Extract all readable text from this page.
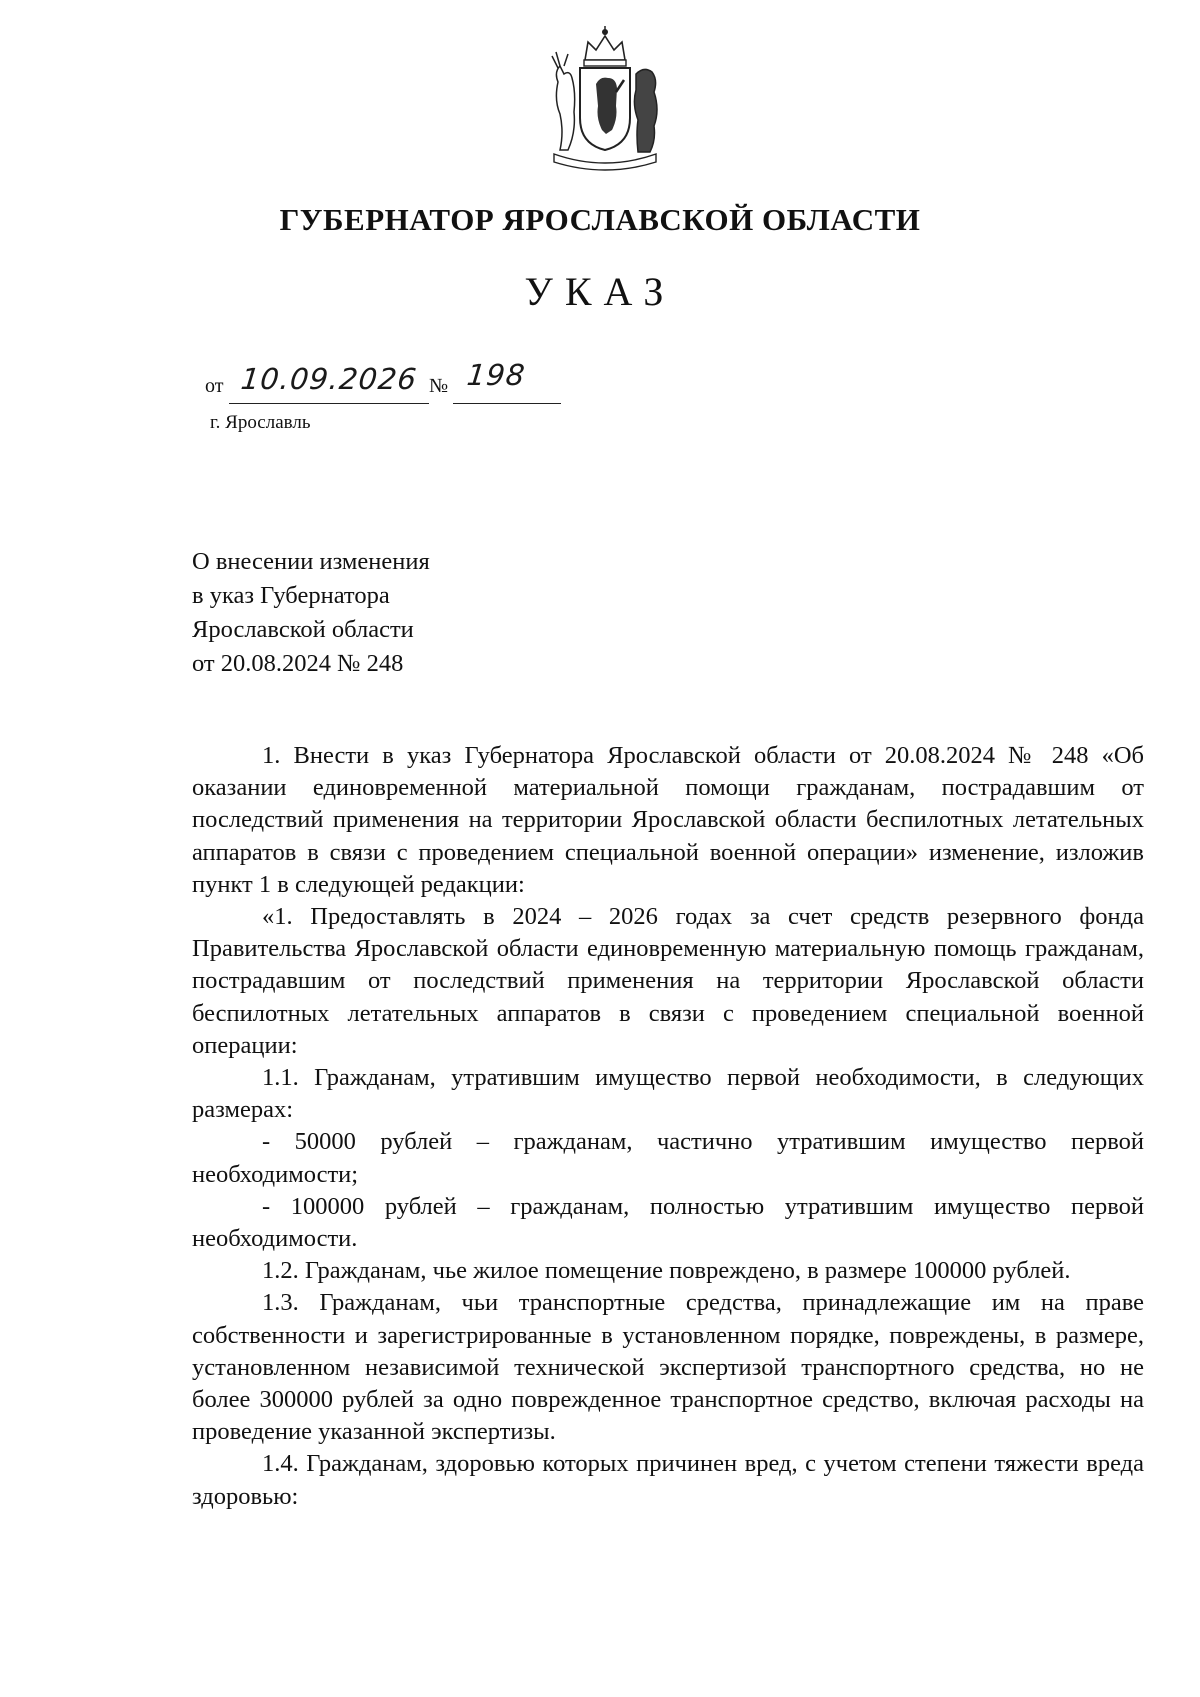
ГУБЕРНАТОР ЯРОСЛАВСКОЙ ОБЛАСТИ
УКАЗ
от 10.09.2026 № 198
г. Ярославль
О внесении изменения
в указ Губернатора
Ярославской области
от 20.08.2024 № 248

1. Внести в указ Губернатора Ярославской области от 20.08.2024 № 248 «Об оказании единовременной материальной помощи гражданам, пострадавшим от последствий применения на территории Ярославской области беспилотных летательных аппаратов в связи с проведением специальной военной операции» изменение, изложив пункт 1 в следующей редакции:

«1. Предоставлять в 2024 – 2026 годах за счет средств резервного фонда Правительства Ярославской области единовременную материальную помощь гражданам, пострадавшим от последствий применения на территории Ярославской области беспилотных летательных аппаратов в связи с проведением специальной военной операции:

1.1. Гражданам, утратившим имущество первой необходимости, в следующих размерах:

- 50000 рублей – гражданам, частично утратившим имущество первой необходимости;

- 100000 рублей – гражданам, полностью утратившим имущество первой необходимости.

1.2. Гражданам, чье жилое помещение повреждено, в размере 100000 рублей.

1.3. Гражданам, чьи транспортные средства, принадлежащие им на праве собственности и зарегистрированные в установленном порядке, повреждены, в размере, установленном независимой технической экспертизой транспортного средства, но не более 300000 рублей за одно поврежденное транспортное средство, включая расходы на проведение указанной экспертизы.

1.4. Гражданам, здоровью которых причинен вред, с учетом степени тяжести вреда здоровью:
